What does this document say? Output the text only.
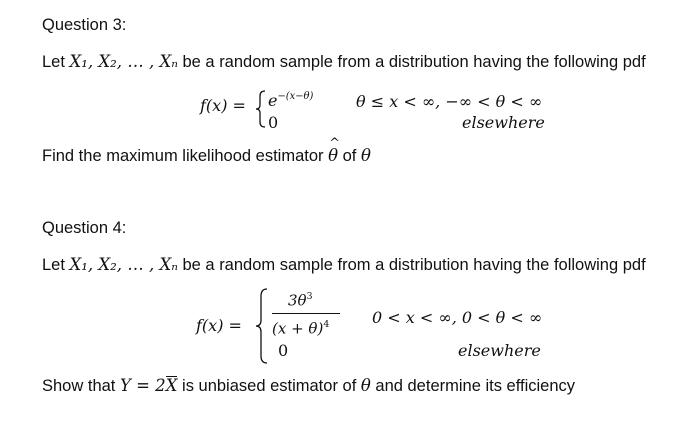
Question 3:
Let X₁, X₂, … , Xₙ be a random sample from a distribution having the following pdf
$f(x) = e^{-(x-\theta)}$
0
θ ≤ x < ∞, −∞ < θ < ∞
elsewhere
Find the maximum likelihood estimator ^ θ of θ
Question 4:
Let X₁, X₂, … , Xₙ be a random sample from a distribution having the following pdf
f(x) =
$3\theta^3$
$(x + \theta)^4$
0
0 < x < ∞, 0 < θ < ∞
elsewhere
Show that Y = 2X is unbiased estimator of θ and determine its efficiency
